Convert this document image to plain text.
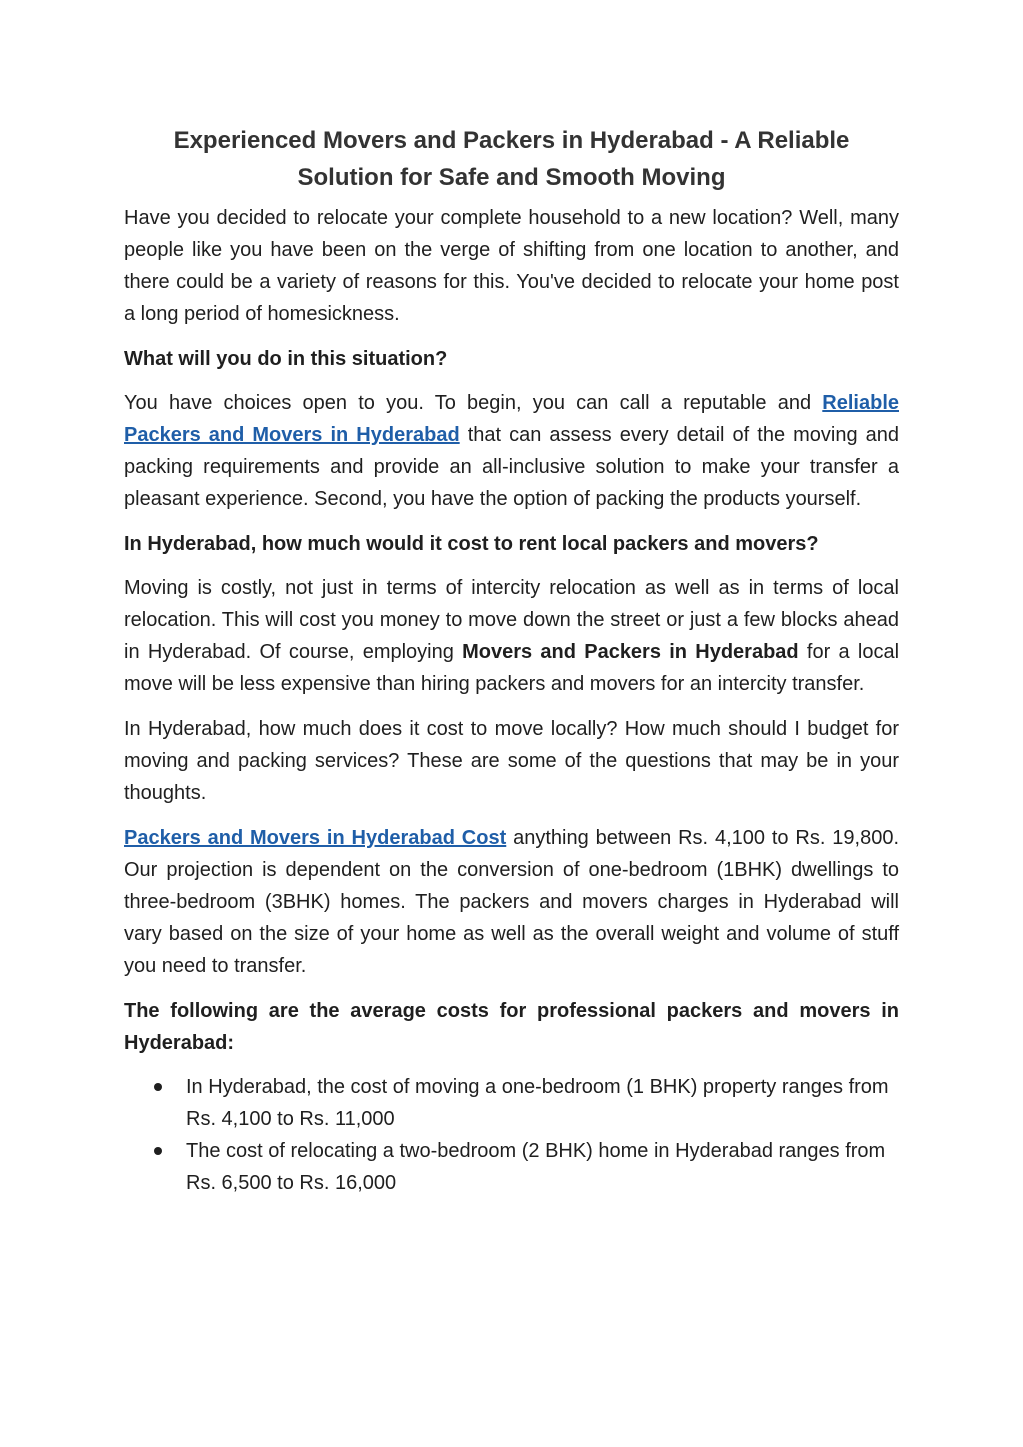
Experienced Movers and Packers in Hyderabad - A Reliable Solution for Safe and Smooth Moving

Have you decided to relocate your complete household to a new location? Well, many people like you have been on the verge of shifting from one location to another, and there could be a variety of reasons for this. You've decided to relocate your home post a long period of homesickness.

What will you do in this situation?

You have choices open to you. To begin, you can call a reputable and Reliable Packers and Movers in Hyderabad that can assess every detail of the moving and packing requirements and provide an all-inclusive solution to make your transfer a pleasant experience. Second, you have the option of packing the products yourself.

In Hyderabad, how much would it cost to rent local packers and movers?

Moving is costly, not just in terms of intercity relocation as well as in terms of local relocation. This will cost you money to move down the street or just a few blocks ahead in Hyderabad. Of course, employing Movers and Packers in Hyderabad for a local move will be less expensive than hiring packers and movers for an intercity transfer.

In Hyderabad, how much does it cost to move locally? How much should I budget for moving and packing services? These are some of the questions that may be in your thoughts.

Packers and Movers in Hyderabad Cost anything between Rs. 4,100 to Rs. 19,800. Our projection is dependent on the conversion of one-bedroom (1BHK) dwellings to three-bedroom (3BHK) homes. The packers and movers charges in Hyderabad will vary based on the size of your home as well as the overall weight and volume of stuff you need to transfer.

The following are the average costs for professional packers and movers in Hyderabad:

In Hyderabad, the cost of moving a one-bedroom (1 BHK) property ranges from Rs. 4,100 to Rs. 11,000
The cost of relocating a two-bedroom (2 BHK) home in Hyderabad ranges from Rs. 6,500 to Rs. 16,000
